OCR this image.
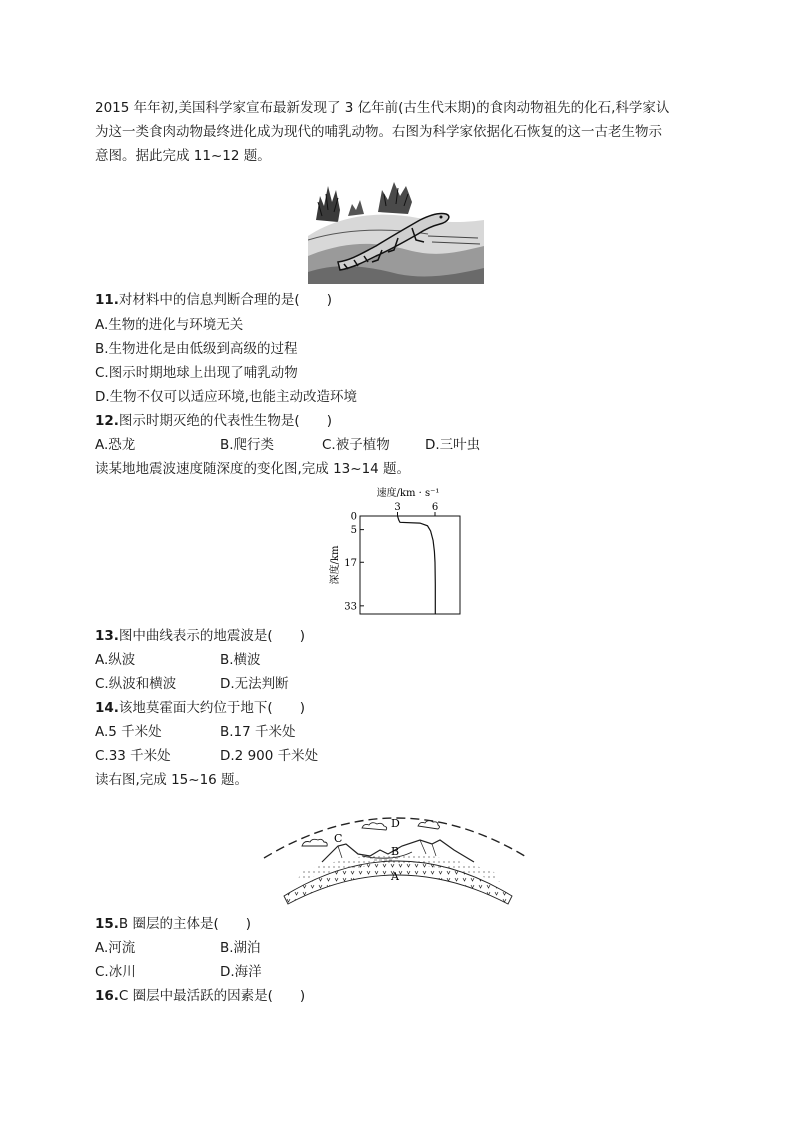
2015 年年初,美国科学家宣布最新发现了 3 亿年前(古生代末期)的食肉动物祖先的化石,科学家认
为这一类食肉动物最终进化成为现代的哺乳动物。右图为科学家依据化石恢复的这一古老生物示
意图。据此完成 11~12 题。
11.对材料中的信息判断合理的是(　　)
A.生物的进化与环境无关
B.生物进化是由低级到高级的过程
C.图示时期地球上出现了哺乳动物
D.生物不仅可以适应环境,也能主动改造环境
12.图示时期灭绝的代表性生物是(　　)
A.恐龙	B.爬行类	C.被子植物	D.三叶虫
读某地地震波速度随深度的变化图,完成 13~14 题。
速度/km · s⁻¹
3	6
0
5
17
33
深度/km
13.图中曲线表示的地震波是(　　)
A.纵波	B.横波
C.纵波和横波	D.无法判断
14.该地莫霍面大约位于地下(　　)
A.5 千米处	B.17 千米处
C.33 千米处	D.2 900 千米处
读右图,完成 15~16 题。
C
D
B
A
15.B 圈层的主体是(　　)
A.河流	B.湖泊
C.冰川	D.海洋
16.C 圈层中最活跃的因素是(　　)
